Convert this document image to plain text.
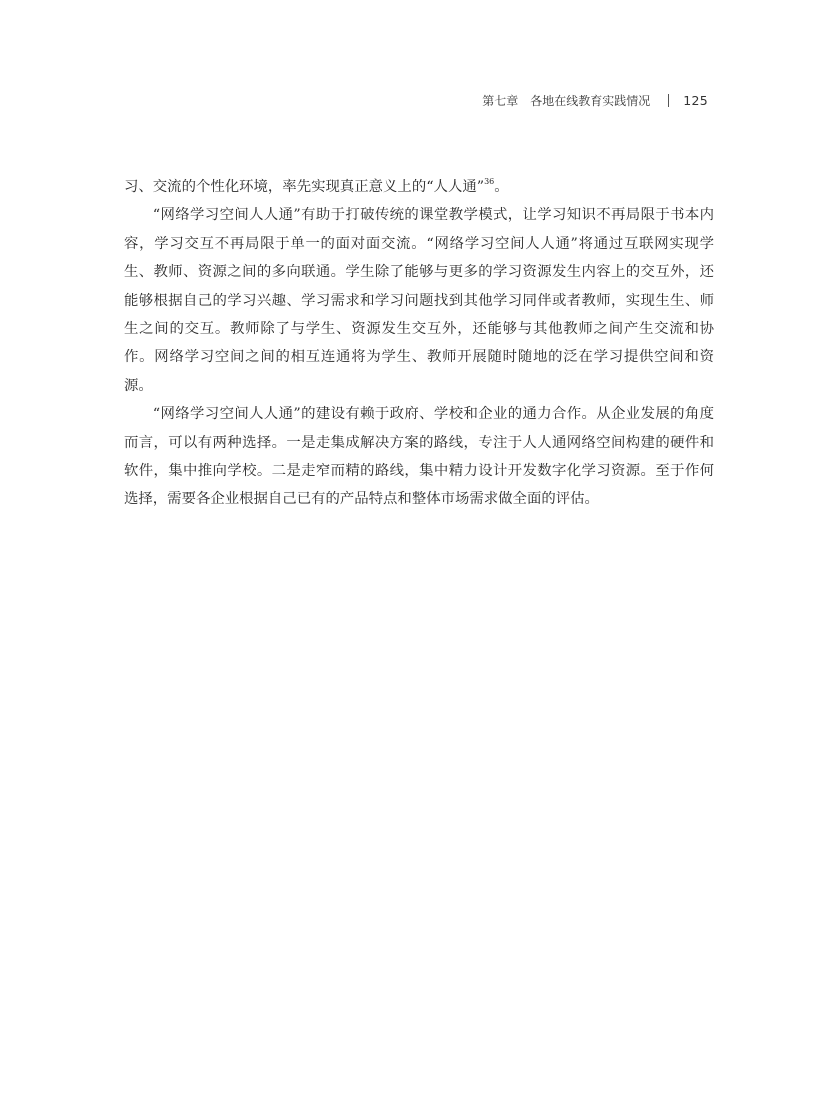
第七章 各地在线教育实践情况	125

习、交流的个性化环境，率先实现真正意义上的“人人通”$^{36}$。

“网络学习空间人人通”有助于打破传统的课堂教学模式，让学习知识不再局限于书本内容，学习交互不再局限于单一的面对面交流。“网络学习空间人人通”将通过互联网实现学生、教师、资源之间的多向联通。学生除了能够与更多的学习资源发生内容上的交互外，还能够根据自己的学习兴趣、学习需求和学习问题找到其他学习同伴或者教师，实现生生、师生之间的交互。教师除了与学生、资源发生交互外，还能够与其他教师之间产生交流和协作。网络学习空间之间的相互连通将为学生、教师开展随时随地的泛在学习提供空间和资源。

“网络学习空间人人通”的建设有赖于政府、学校和企业的通力合作。从企业发展的角度而言，可以有两种选择。一是走集成解决方案的路线，专注于人人通网络空间构建的硬件和软件，集中推向学校。二是走窄而精的路线，集中精力设计开发数字化学习资源。至于作何选择，需要各企业根据自己已有的产品特点和整体市场需求做全面的评估。
